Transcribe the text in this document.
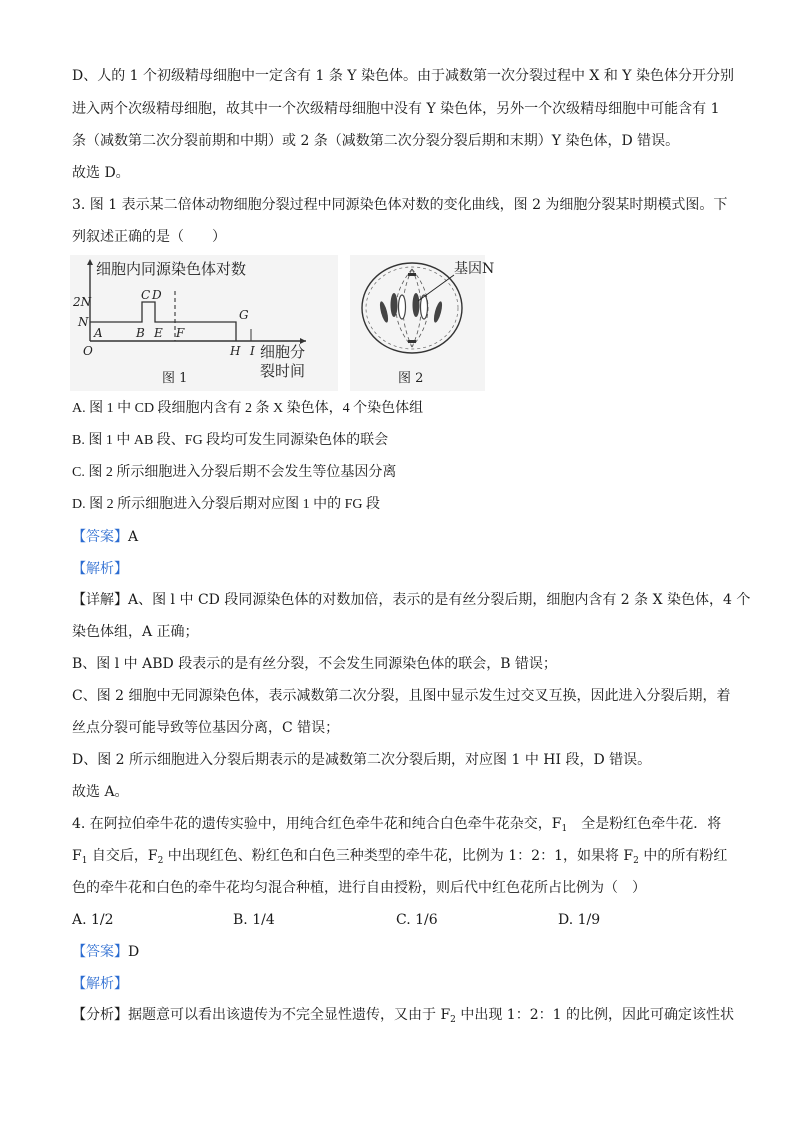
D、人的 1 个初级精母细胞中一定含有 1 条 Y 染色体。由于减数第一次分裂过程中 X 和 Y 染色体分开分别
进入两个次级精母细胞，故其中一个次级精母细胞中没有 Y 染色体，另外一个次级精母细胞中可能含有 1
条（减数第二次分裂前期和中期）或 2 条（减数第二次分裂分裂后期和末期）Y 染色体，D 错误。
故选 D。
3. 图 1 表示某二倍体动物细胞分裂过程中同源染色体对数的变化曲线，图 2 为细胞分裂某时期模式图。下
列叙述正确的是（　　）
细胞内同源染色体对数
2N
N
O
A	B
C D
E F
G
H I 细胞分
裂时间
图 1
基因N
图 2
A. 图 1 中 CD 段细胞内含有 2 条 X 染色体，4 个染色体组
B. 图 1 中 AB 段、FG 段均可发生同源染色体的联会
C. 图 2 所示细胞进入分裂后期不会发生等位基因分离
D. 图 2 所示细胞进入分裂后期对应图 1 中的 FG 段
【答案】A
【解析】
【详解】A、图 l 中 CD 段同源染色体的对数加倍，表示的是有丝分裂后期，细胞内含有 2 条 X 染色体，4 个
染色体组，A 正确；
B、图 l 中 ABD 段表示的是有丝分裂，不会发生同源染色体的联会，B 错误；
C、图 2 细胞中无同源染色体，表示减数第二次分裂，且图中显示发生过交叉互换，因此进入分裂后期，着
丝点分裂可能导致等位基因分离，C 错误；
D、图 2 所示细胞进入分裂后期表示的是减数第二次分裂后期，对应图 1 中 HI 段，D 错误。
故选 A。
4. 在阿拉伯牵牛花的遗传实验中，用纯合红色牵牛花和纯合白色牵牛花杂交，$F_1$　全是粉红色牵牛花．将
$F_1$ 自交后，$F_2$ 中出现红色、粉红色和白色三种类型的牵牛花，比例为 1：2：1，如果将 $F_2$ 中的所有粉红
色的牵牛花和白色的牵牛花均匀混合种植，进行自由授粉，则后代中红色花所占比例为（　）
A. 1/2	B. 1/4	C. 1/6	D. 1/9
【答案】D
【解析】
【分析】据题意可以看出该遗传为不完全显性遗传，又由于 $F_2$ 中出现 1：2：1 的比例，因此可确定该性状
